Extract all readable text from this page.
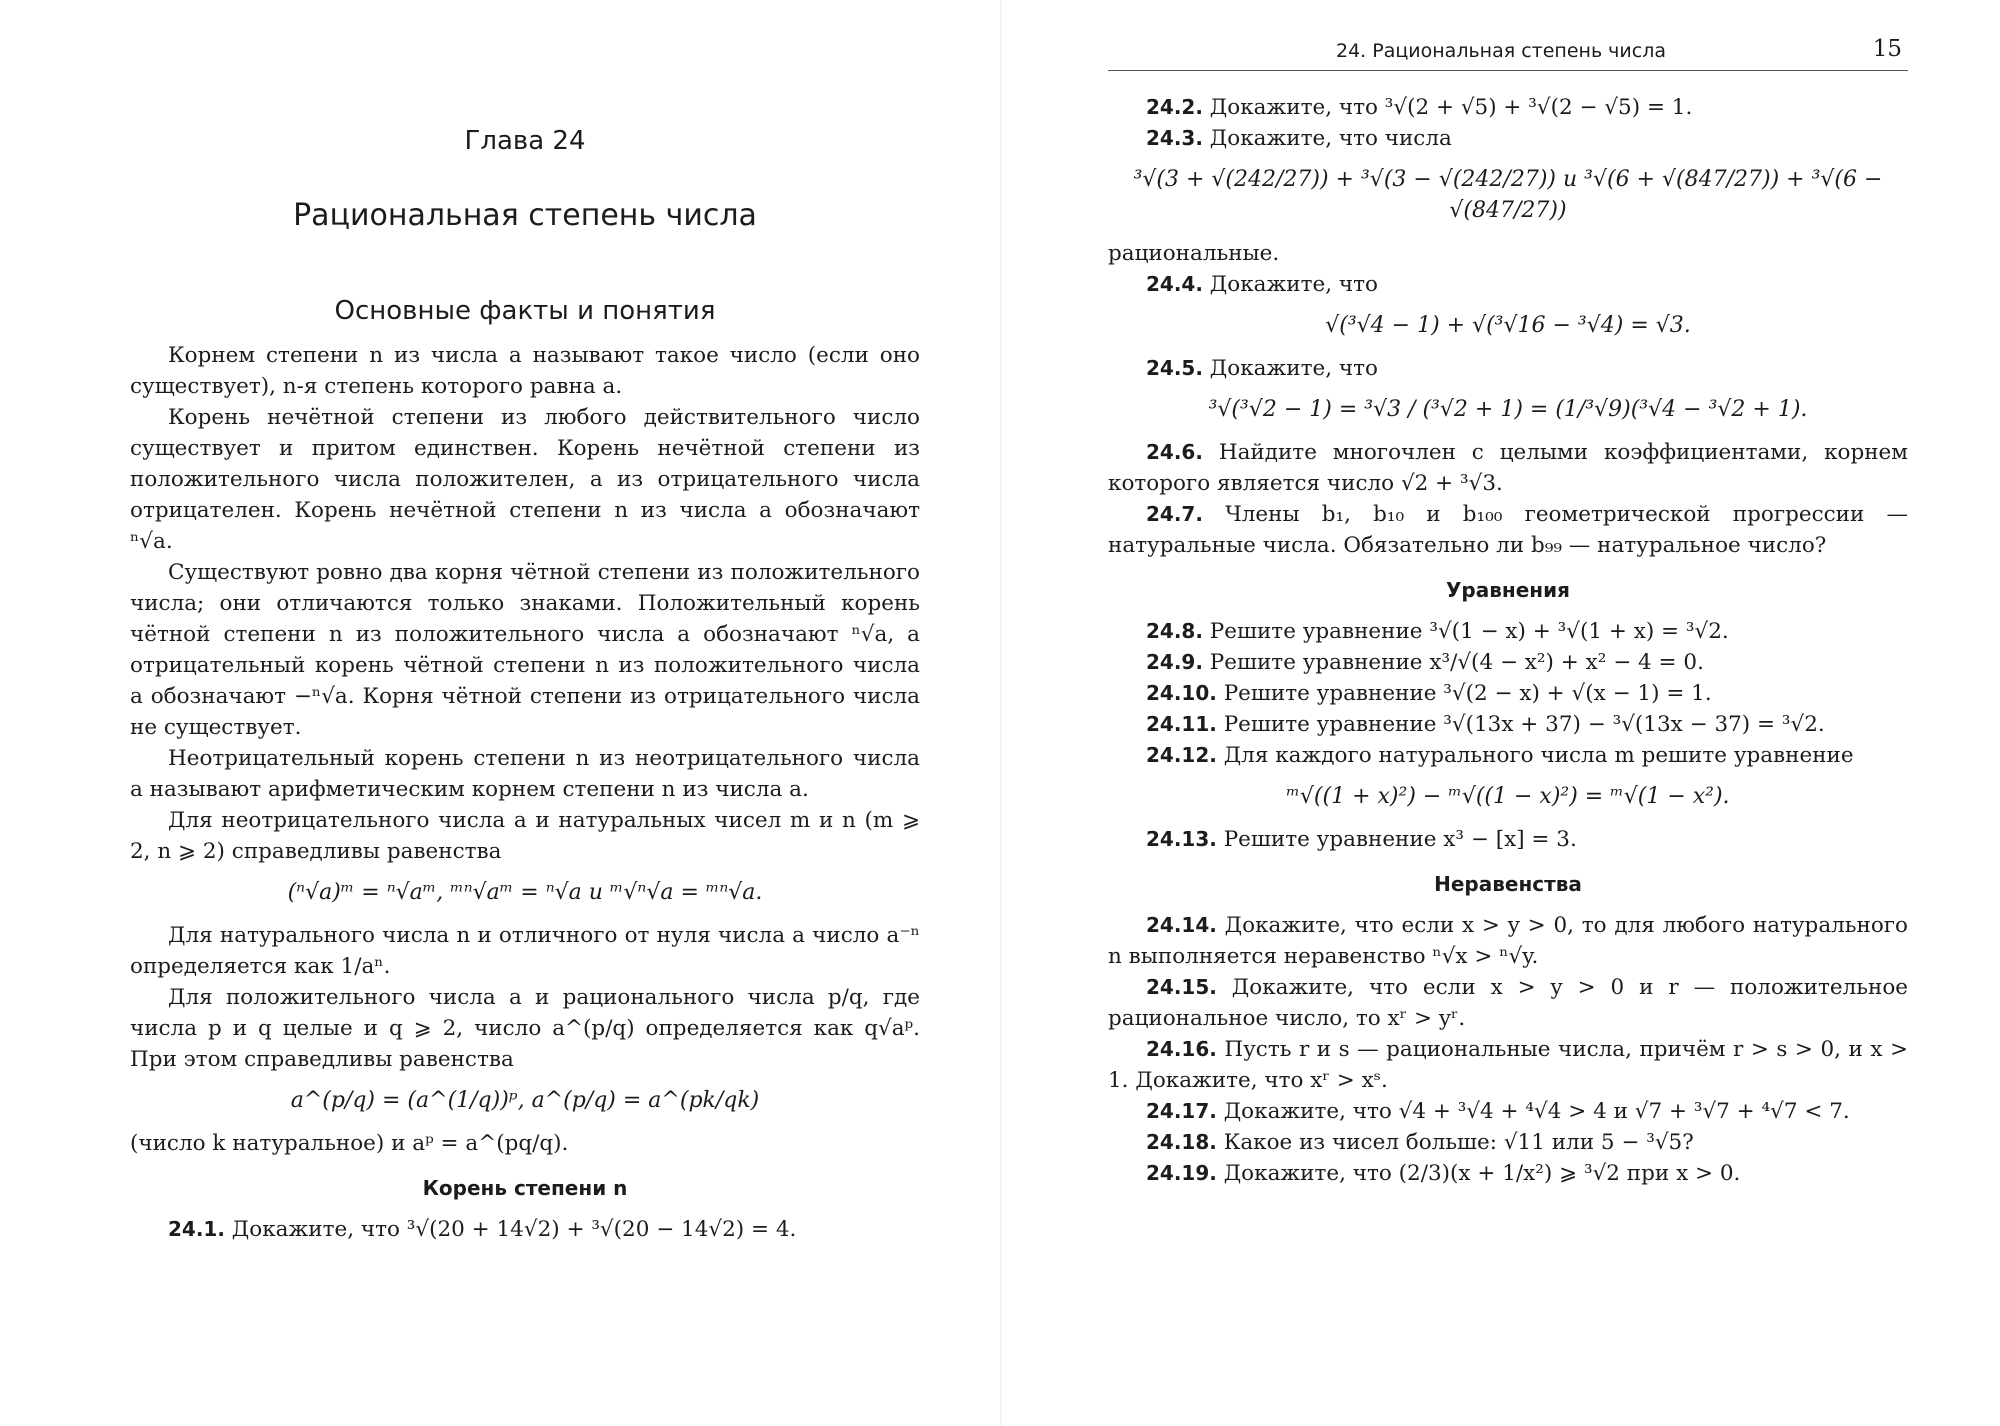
Глава 24
Рациональная степень числа
Основные факты и понятия

Корнем степени n из числа a называют такое число (если оно существует), n-я степень которого равна a.

Корень нечётной степени из любого действительного число существует и притом единствен. Корень нечётной степени из положительного числа положителен, а из отрицательного числа отрицателен. Корень нечётной степени n из числа a обозначают ⁿ√a.

Существуют ровно два корня чётной степени из положительного числа; они отличаются только знаками. Положительный корень чётной степени n из положительного числа a обозначают ⁿ√a, а отрицательный корень чётной степени n из положительного числа a обозначают −ⁿ√a. Корня чётной степени из отрицательного числа не существует.

Неотрицательный корень степени n из неотрицательного числа a называют арифметическим корнем степени n из числа a.

Для неотрицательного числа a и натуральных чисел m и n (m ⩾ 2, n ⩾ 2) справедливы равенства

(ⁿ√a)ᵐ = ⁿ√aᵐ, ᵐⁿ√aᵐ = ⁿ√a и ᵐ√ⁿ√a = ᵐⁿ√a.

Для натурального числа n и отличного от нуля числа a число a⁻ⁿ определяется как 1/aⁿ.

Для положительного числа a и рационального числа p/q, где числа p и q целые и q ⩾ 2, число a^(p/q) определяется как q√aᵖ. При этом справедливы равенства

a^(p/q) = (a^(1/q))ᵖ, a^(p/q) = a^(pk/qk)

(число k натуральное) и aᵖ = a^(pq/q).

Корень степени n

24.1. Докажите, что ³√(20 + 14√2) + ³√(20 − 14√2) = 4.

24. Рациональная степень числа	15

24.2. Докажите, что ³√(2 + √5) + ³√(2 − √5) = 1.

24.3. Докажите, что числа

³√(3 + √(242/27)) + ³√(3 − √(242/27)) и ³√(6 + √(847/27)) + ³√(6 − √(847/27))

рациональные.

24.4. Докажите, что

√(³√4 − 1) + √(³√16 − ³√4) = √3.

24.5. Докажите, что

³√(³√2 − 1) = ³√3 / (³√2 + 1) = (1/³√9)(³√4 − ³√2 + 1).

24.6. Найдите многочлен с целыми коэффициентами, корнем которого является число √2 + ³√3.

24.7. Члены b₁, b₁₀ и b₁₀₀ геометрической прогрессии — натуральные числа. Обязательно ли b₉₉ — натуральное число?

Уравнения

24.8. Решите уравнение ³√(1 − x) + ³√(1 + x) = ³√2.

24.9. Решите уравнение x³/√(4 − x²) + x² − 4 = 0.

24.10. Решите уравнение ³√(2 − x) + √(x − 1) = 1.

24.11. Решите уравнение ³√(13x + 37) − ³√(13x − 37) = ³√2.

24.12. Для каждого натурального числа m решите уравнение

ᵐ√((1 + x)²) − ᵐ√((1 − x)²) = ᵐ√(1 − x²).

24.13. Решите уравнение x³ − [x] = 3.

Неравенства

24.14. Докажите, что если x > y > 0, то для любого натурального n выполняется неравенство ⁿ√x > ⁿ√y.

24.15. Докажите, что если x > y > 0 и r — положительное рациональное число, то xʳ > yʳ.

24.16. Пусть r и s — рациональные числа, причём r > s > 0, и x > 1. Докажите, что xʳ > xˢ.

24.17. Докажите, что √4 + ³√4 + ⁴√4 > 4 и √7 + ³√7 + ⁴√7 < 7.

24.18. Какое из чисел больше: √11 или 5 − ³√5?

24.19. Докажите, что (2/3)(x + 1/x²) ⩾ ³√2 при x > 0.
